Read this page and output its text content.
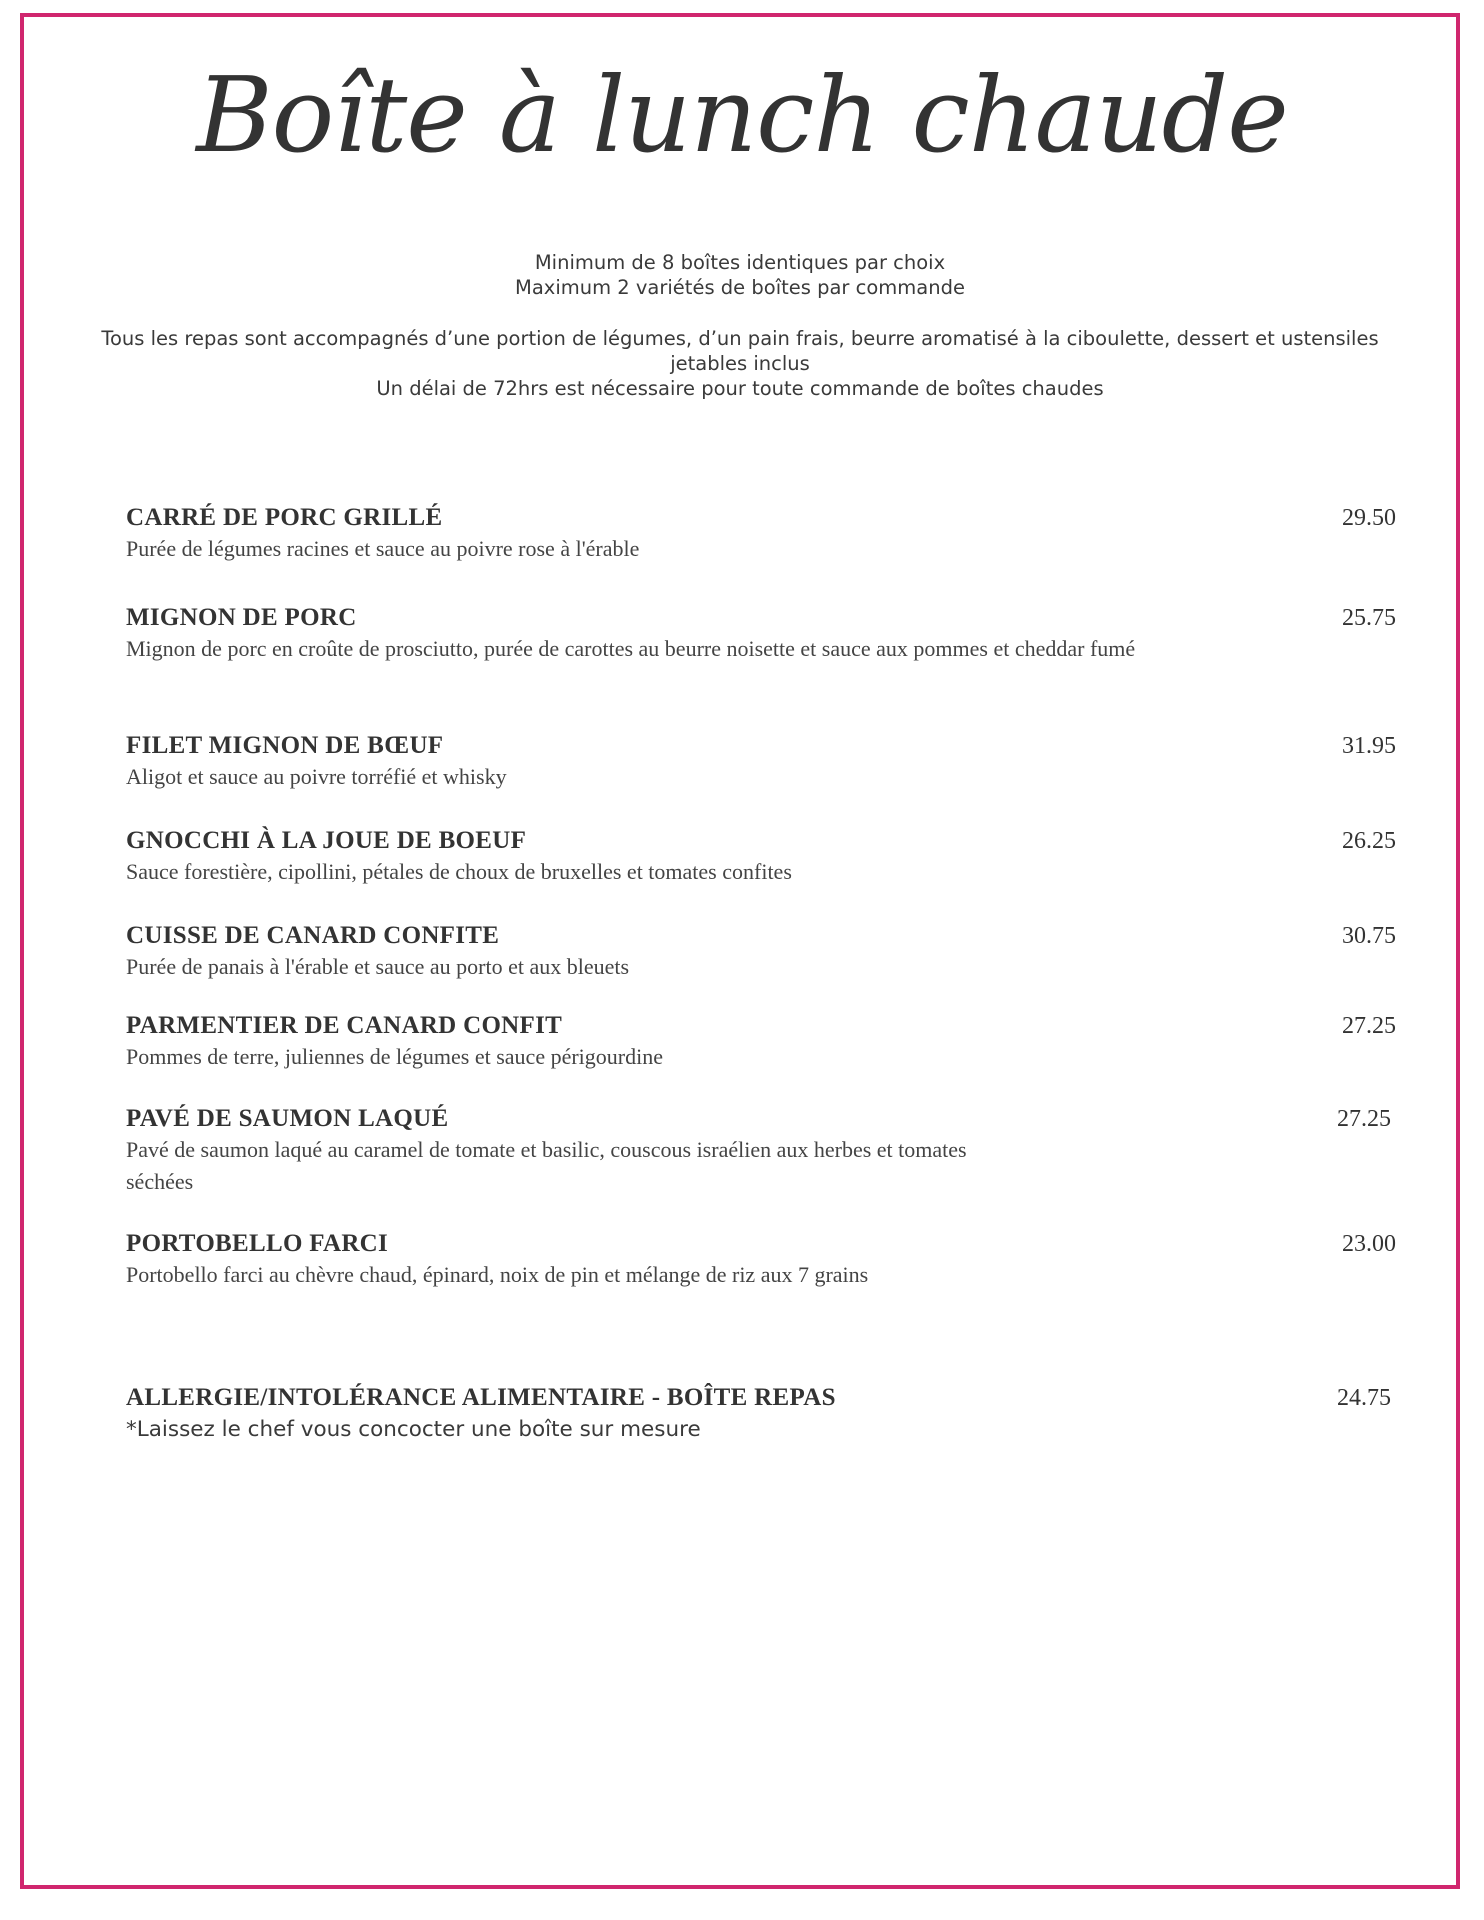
Boîte à lunch chaude

Minimum de 8 boîtes identiques par choix

Maximum 2 variétés de boîtes par commande

Tous les repas sont accompagnés d’une portion de légumes, d’un pain frais, beurre aromatisé à la ciboulette, dessert et ustensiles jetables inclus

Un délai de 72hrs est nécessaire pour toute commande de boîtes chaudes

CARRÉ DE PORC GRILLÉ
Purée de légumes racines et sauce au poivre rose à l'érable
29.50
MIGNON DE PORC
Mignon de porc en croûte de prosciutto, purée de carottes au beurre noisette et sauce aux pommes et cheddar fumé
25.75
FILET MIGNON DE BŒUF
Aligot et sauce au poivre torréfié et whisky
31.95
GNOCCHI À LA JOUE DE BOEUF
Sauce forestière, cipollini, pétales de choux de bruxelles et tomates confites
26.25
CUISSE DE CANARD CONFITE
Purée de panais à l'érable et sauce au porto et aux bleuets
30.75
PARMENTIER DE CANARD CONFIT
Pommes de terre, juliennes de légumes et sauce périgourdine
27.25
PAVÉ DE SAUMON LAQUÉ
Pavé de saumon laqué au caramel de tomate et basilic, couscous israélien aux herbes et tomates séchées
27.25
PORTOBELLO FARCI
Portobello farci au chèvre chaud, épinard, noix de pin et mélange de riz aux 7 grains
23.00
ALLERGIE/INTOLÉRANCE ALIMENTAIRE - BOÎTE REPAS
*Laissez le chef vous concocter une boîte sur mesure
24.75
